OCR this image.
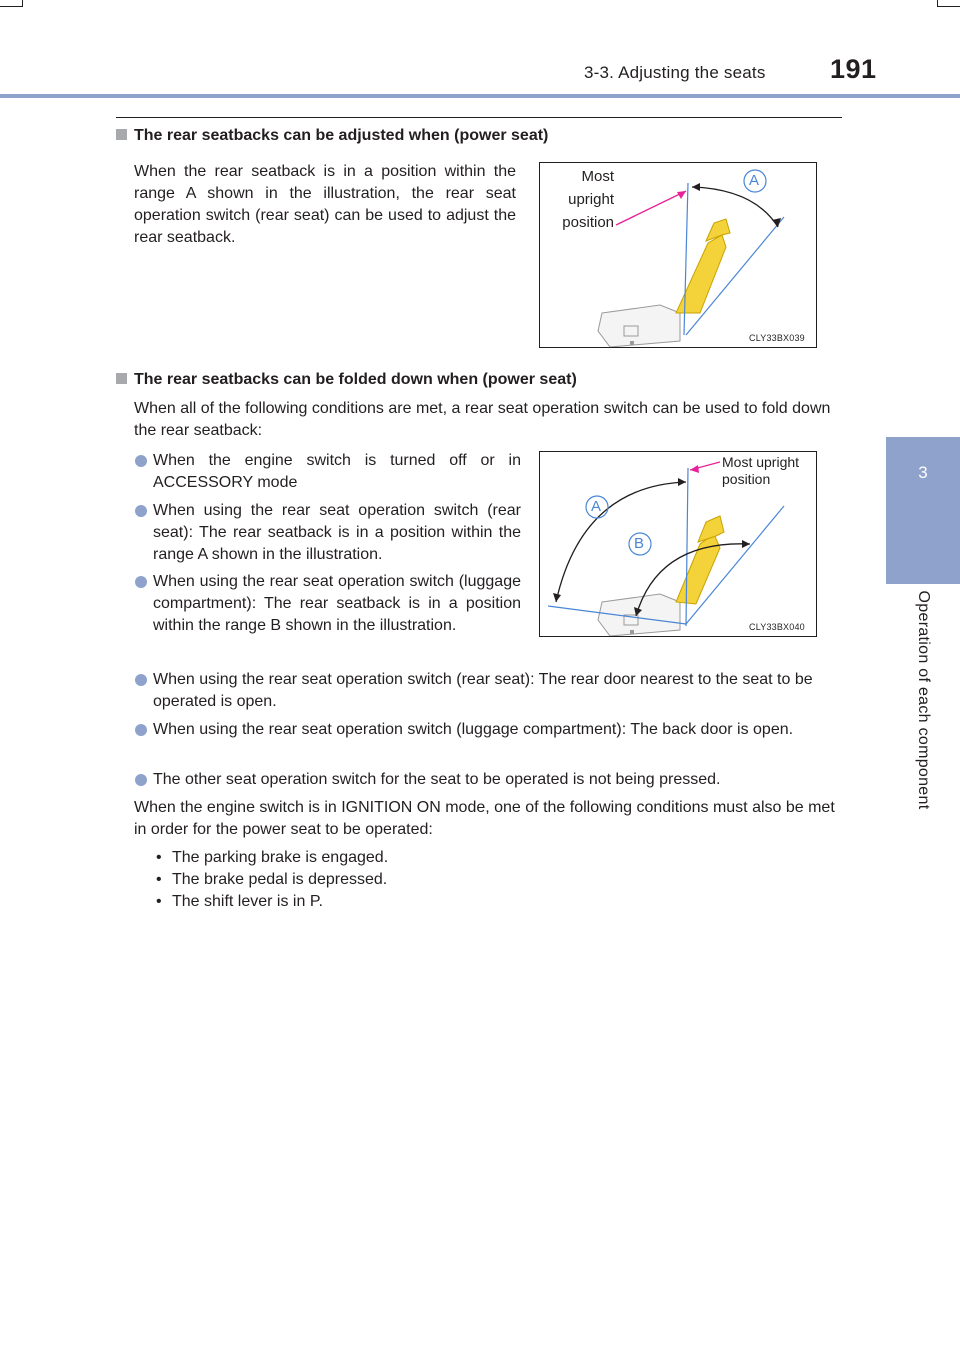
3-3. Adjusting the seats 191
3
Operation of each component
The rear seatbacks can be adjusted when (power seat)
When the rear seatback is in a position within the range A shown in the illustration, the rear seat operation switch (rear seat) can be used to adjust the rear seatback.
A
Most
upright
position
CLY33BX039
The rear seatbacks can be folded down when (power seat)
When all of the following conditions are met, a rear seat operation switch can be used to fold down the rear seatback:
When the engine switch is turned off or in ACCESSORY mode
When using the rear seat operation switch (rear seat): The rear seatback is in a position within the range A shown in the illustration.
When using the rear seat operation switch (luggage compartment): The rear seatback is in a position within the range B shown in the illustration.
A
B
Most upright
position
CLY33BX040
When using the rear seat operation switch (rear seat): The rear door nearest to the seat to be operated is open.
When using the rear seat operation switch (luggage compartment): The back door is open.
The other seat operation switch for the seat to be operated is not being pressed.
When the engine switch is in IGNITION ON mode, one of the following conditions must also be met in order for the power seat to be operated:
• The parking brake is engaged.
• The brake pedal is depressed.
• The shift lever is in P.
